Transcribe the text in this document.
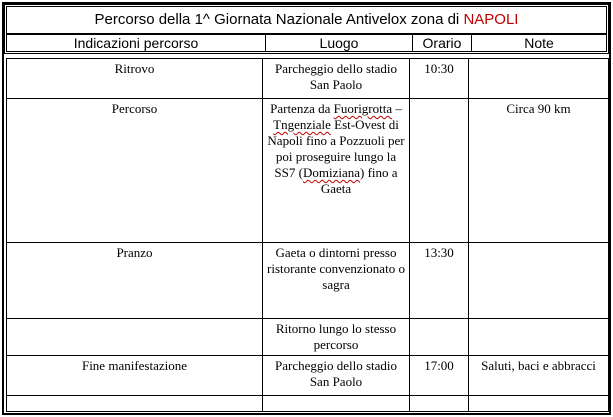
Percorso della 1^ Giornata Nazionale Antivelox zona di NAPOLI
Indicazioni percorso	Luogo	Orario	Note
Ritrovo	Parcheggio dello stadio San Paolo	10:30	
Percorso	Partenza da Fuorigrotta – Tngenziale Est-Ovest di Napoli fino a Pozzuoli per poi proseguire lungo la SS7 (Domiziana) fino a Gaeta		Circa 90 km
Pranzo	Gaeta o dintorni presso ristorante convenzionato o sagra	13:30	
	Ritorno lungo lo stesso percorso		
Fine manifestazione	Parcheggio dello stadio San Paolo	17:00	Saluti, baci e abbracci
